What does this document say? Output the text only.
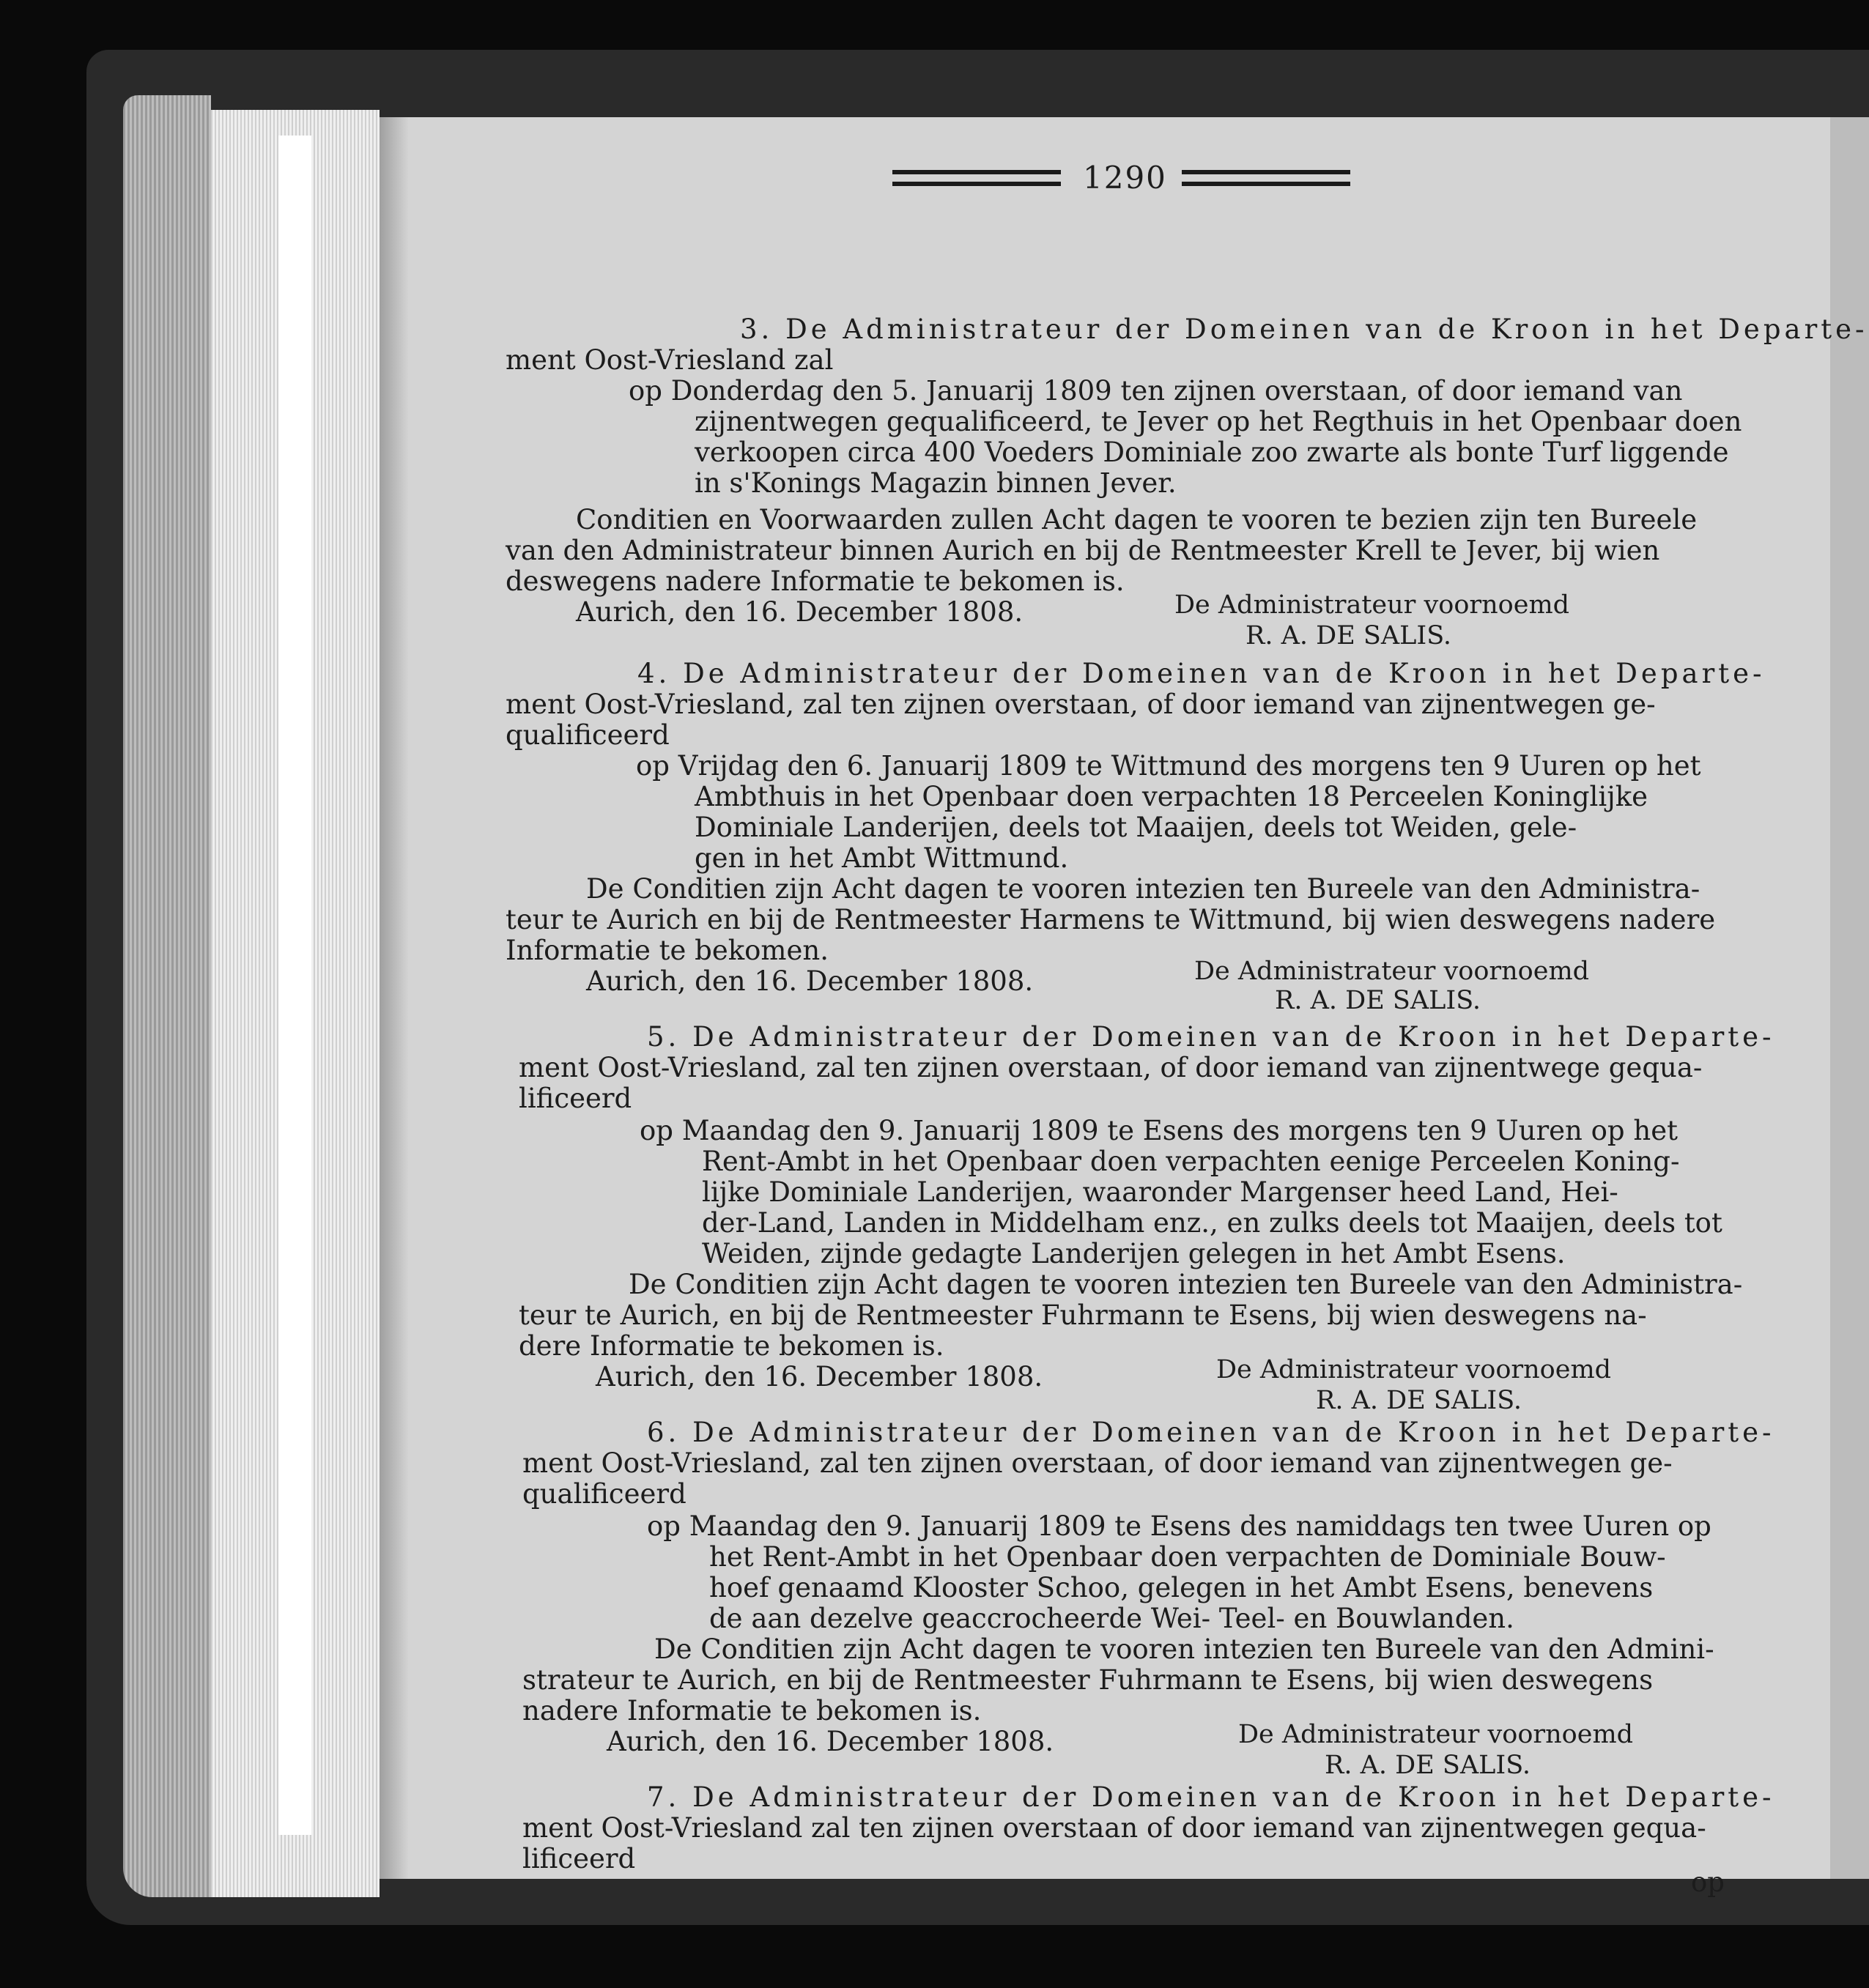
1290
3. De Administrateur der Domeinen van de Kroon in het Departe-
ment Oost-Vriesland zal
op Donderdag den 5. Januarij 1809 ten zijnen overstaan, of door iemand van
zijnentwegen gequalificeerd, te Jever op het Regthuis in het Openbaar doen
verkoopen circa 400 Voeders Dominiale zoo zwarte als bonte Turf liggende
in s'Konings Magazin binnen Jever.
Conditien en Voorwaarden zullen Acht dagen te vooren te bezien zijn ten Bureele
van den Administrateur binnen Aurich en bij de Rentmeester Krell te Jever, bij wien
deswegens nadere Informatie te bekomen is.
Aurich, den 16. December 1808.	De Administrateur voornoemd
R. A. DE SALIS.
4. De Administrateur der Domeinen van de Kroon in het Departe-
ment Oost-Vriesland, zal ten zijnen overstaan, of door iemand van zijnentwegen ge-
qualificeerd
op Vrijdag den 6. Januarij 1809 te Wittmund des morgens ten 9 Uuren op het
Ambthuis in het Openbaar doen verpachten 18 Perceelen Koninglijke
Dominiale Landerijen, deels tot Maaijen, deels tot Weiden, gele-
gen in het Ambt Wittmund.
De Conditien zijn Acht dagen te vooren intezien ten Bureele van den Administra-
teur te Aurich en bij de Rentmeester Harmens te Wittmund, bij wien deswegens nadere
Informatie te bekomen.
Aurich, den 16. December 1808.	De Administrateur voornoemd
R. A. DE SALIS.
5. De Administrateur der Domeinen van de Kroon in het Departe-
ment Oost-Vriesland, zal ten zijnen overstaan, of door iemand van zijnentwege gequa-
lificeerd
op Maandag den 9. Januarij 1809 te Esens des morgens ten 9 Uuren op het
Rent-Ambt in het Openbaar doen verpachten eenige Perceelen Koning-
lijke Dominiale Landerijen, waaronder Margenser heed Land, Hei-
der-Land, Landen in Middelham enz., en zulks deels tot Maaijen, deels tot
Weiden, zijnde gedagte Landerijen gelegen in het Ambt Esens.
De Conditien zijn Acht dagen te vooren intezien ten Bureele van den Administra-
teur te Aurich, en bij de Rentmeester Fuhrmann te Esens, bij wien deswegens na-
dere Informatie te bekomen is.
Aurich, den 16. December 1808.	De Administrateur voornoemd
R. A. DE SALIS.
6. De Administrateur der Domeinen van de Kroon in het Departe-
ment Oost-Vriesland, zal ten zijnen overstaan, of door iemand van zijnentwegen ge-
qualificeerd
op Maandag den 9. Januarij 1809 te Esens des namiddags ten twee Uuren op
het Rent-Ambt in het Openbaar doen verpachten de Dominiale Bouw-
hoef genaamd Klooster Schoo, gelegen in het Ambt Esens, benevens
de aan dezelve geaccrocheerde Wei- Teel- en Bouwlanden.
De Conditien zijn Acht dagen te vooren intezien ten Bureele van den Admini-
strateur te Aurich, en bij de Rentmeester Fuhrmann te Esens, bij wien deswegens
nadere Informatie te bekomen is.
Aurich, den 16. December 1808.	De Administrateur voornoemd
R. A. DE SALIS.
7. De Administrateur der Domeinen van de Kroon in het Departe-
ment Oost-Vriesland zal ten zijnen overstaan of door iemand van zijnentwegen gequa-
lificeerd
op
